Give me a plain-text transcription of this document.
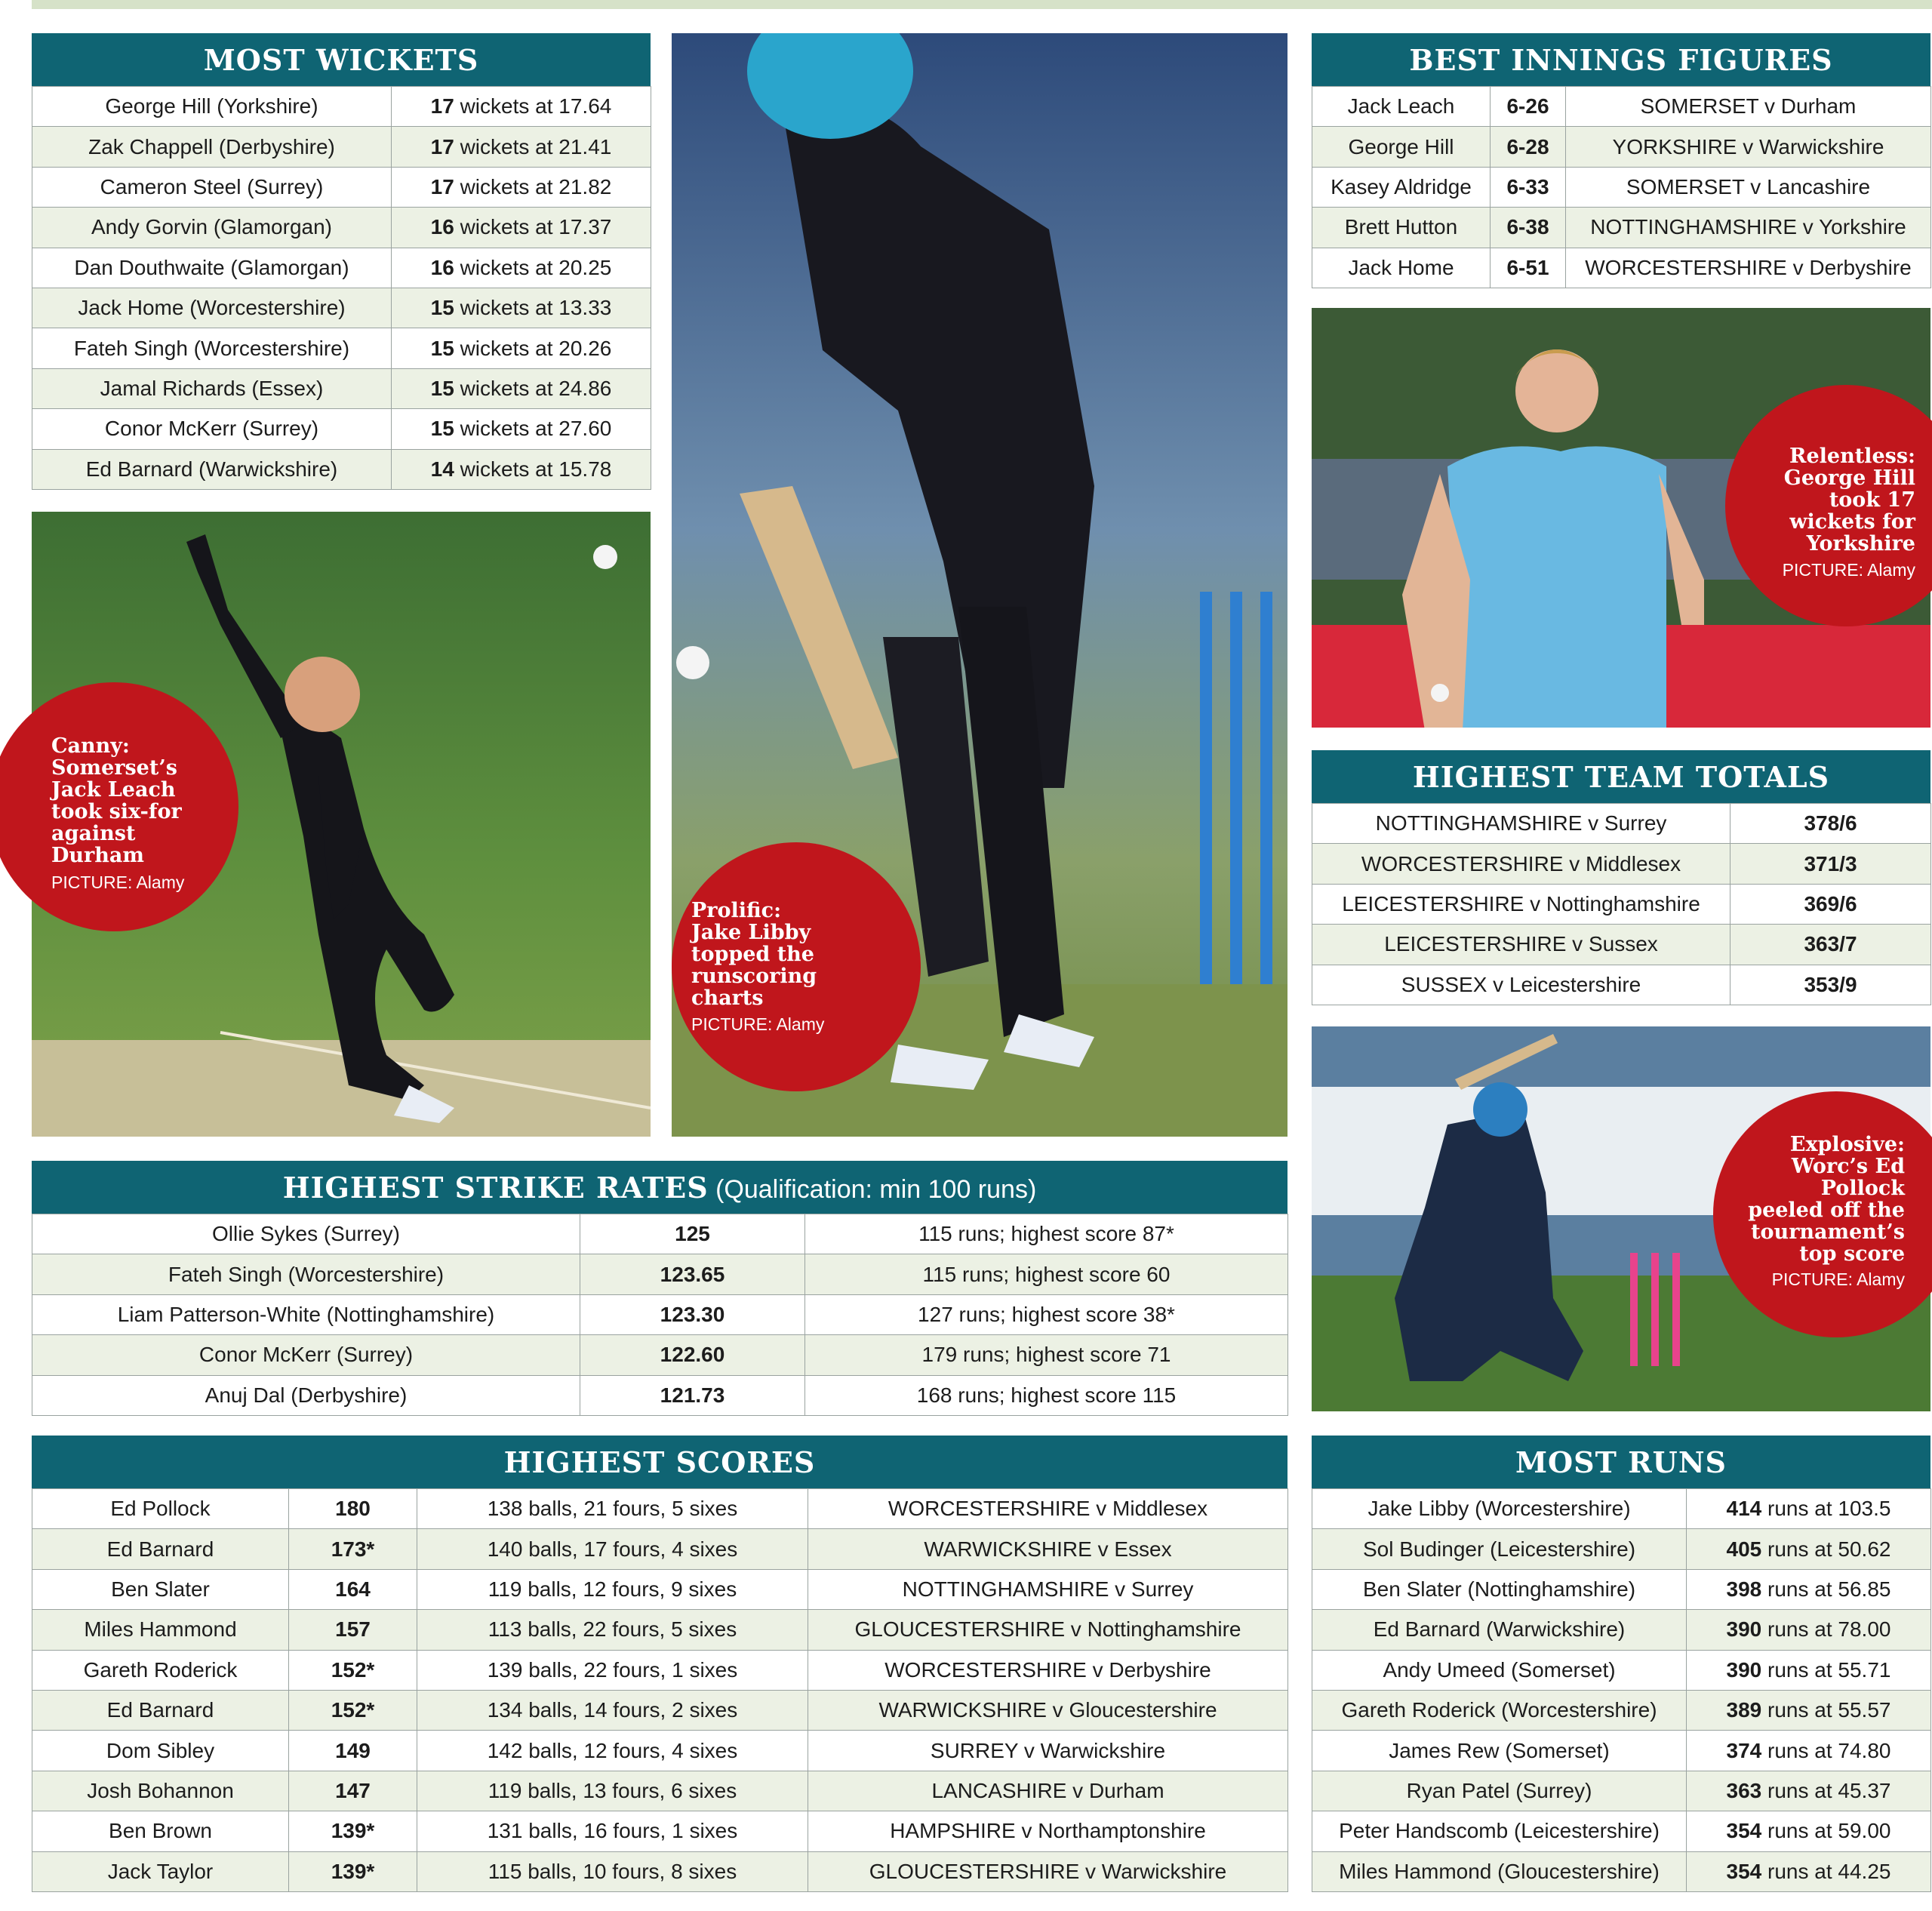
MOST WICKETS
George Hill (Yorkshire)	17 wickets at 17.64
Zak Chappell (Derbyshire)	17 wickets at 21.41
Cameron Steel (Surrey)	17 wickets at 21.82
Andy Gorvin (Glamorgan)	16 wickets at 17.37
Dan Douthwaite (Glamorgan)	16 wickets at 20.25
Jack Home (Worcestershire)	15 wickets at 13.33
Fateh Singh (Worcestershire)	15 wickets at 20.26
Jamal Richards (Essex)	15 wickets at 24.86
Conor McKerr (Surrey)	15 wickets at 27.60
Ed Barnard (Warwickshire)	14 wickets at 15.78
Canny:
Somerset’s
Jack Leach
took six-for
against
Durham
PICTURE: Alamy
Prolific:
Jake Libby
topped the
runscoring
charts
PICTURE: Alamy
BEST INNINGS FIGURES
Jack Leach	6-26	SOMERSET v Durham
George Hill	6-28	YORKSHIRE v Warwickshire
Kasey Aldridge	6-33	SOMERSET v Lancashire
Brett Hutton	6-38	NOTTINGHAMSHIRE v Yorkshire
Jack Home	6-51	WORCESTERSHIRE v Derbyshire
Relentless:
George Hill
took 17
wickets for
Yorkshire
PICTURE: Alamy
HIGHEST TEAM TOTALS
NOTTINGHAMSHIRE v Surrey	378/6
WORCESTERSHIRE v Middlesex	371/3
LEICESTERSHIRE v Nottinghamshire	369/6
LEICESTERSHIRE v Sussex	363/7
SUSSEX v Leicestershire	353/9
Explosive:
Worc’s Ed
Pollock
peeled off the
tournament’s
top score
PICTURE: Alamy
HIGHEST STRIKE RATES (Qualification: min 100 runs)
Ollie Sykes (Surrey)	125	115 runs; highest score 87*
Fateh Singh (Worcestershire)	123.65	115 runs; highest score 60
Liam Patterson-White (Nottinghamshire)	123.30	127 runs; highest score 38*
Conor McKerr (Surrey)	122.60	179 runs; highest score 71
Anuj Dal (Derbyshire)	121.73	168 runs; highest score 115
HIGHEST SCORES
Ed Pollock	180	138 balls, 21 fours, 5 sixes	WORCESTERSHIRE v Middlesex
Ed Barnard	173*	140 balls, 17 fours, 4 sixes	WARWICKSHIRE v Essex
Ben Slater	164	119 balls, 12 fours, 9 sixes	NOTTINGHAMSHIRE v Surrey
Miles Hammond	157	113 balls, 22 fours, 5 sixes	GLOUCESTERSHIRE v Nottinghamshire
Gareth Roderick	152*	139 balls, 22 fours, 1 sixes	WORCESTERSHIRE v Derbyshire
Ed Barnard	152*	134 balls, 14 fours, 2 sixes	WARWICKSHIRE v Gloucestershire
Dom Sibley	149	142 balls, 12 fours, 4 sixes	SURREY v Warwickshire
Josh Bohannon	147	119 balls, 13 fours, 6 sixes	LANCASHIRE v Durham
Ben Brown	139*	131 balls, 16 fours, 1 sixes	HAMPSHIRE v Northamptonshire
Jack Taylor	139*	115 balls, 10 fours, 8 sixes	GLOUCESTERSHIRE v Warwickshire
MOST RUNS
Jake Libby (Worcestershire)	414 runs at 103.5
Sol Budinger (Leicestershire)	405 runs at 50.62
Ben Slater (Nottinghamshire)	398 runs at 56.85
Ed Barnard (Warwickshire)	390 runs at 78.00
Andy Umeed (Somerset)	390 runs at 55.71
Gareth Roderick (Worcestershire)	389 runs at 55.57
James Rew (Somerset)	374 runs at 74.80
Ryan Patel (Surrey)	363 runs at 45.37
Peter Handscomb (Leicestershire)	354 runs at 59.00
Miles Hammond (Gloucestershire)	354 runs at 44.25
